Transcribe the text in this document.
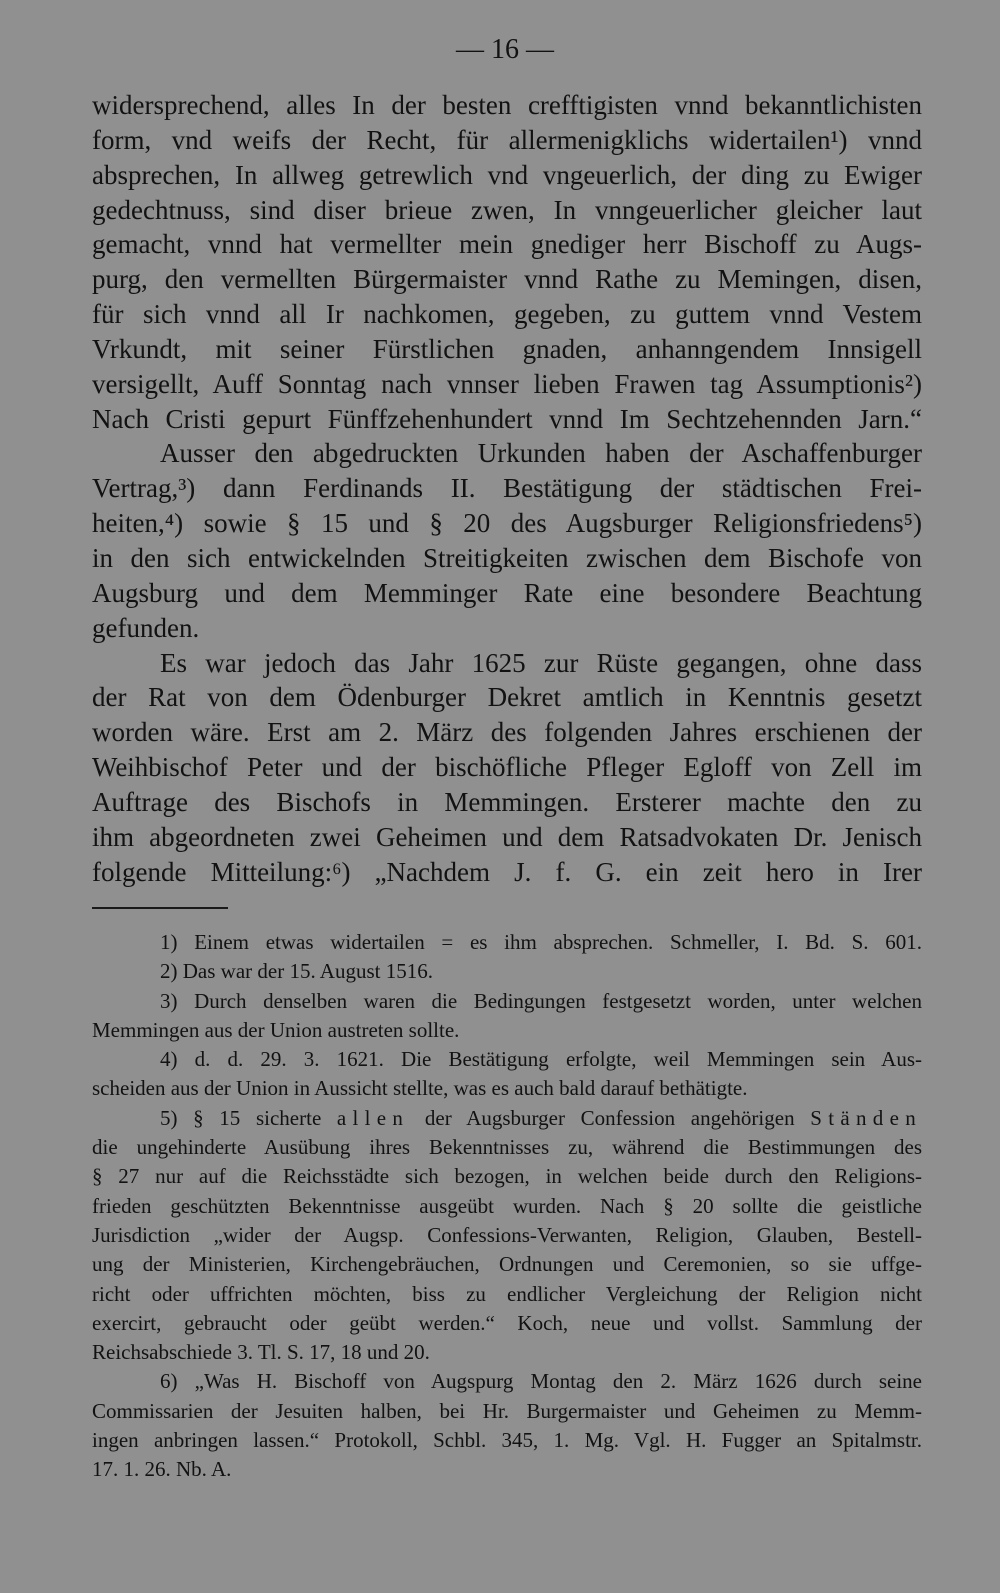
— 16 —
widersprechend, alles In der besten crefftigisten vnnd bekanntlichisten
form, vnd weifs der Recht, für allermenigklichs widertailen¹) vnnd
absprechen, In allweg getrewlich vnd vngeuerlich, der ding zu Ewiger
gedechtnuss, sind diser brieue zwen, In vnngeuerlicher gleicher laut
gemacht, vnnd hat vermellter mein gnediger herr Bischoff zu Augs-
purg, den vermellten Bürgermaister vnnd Rathe zu Memingen, disen,
für sich vnnd all Ir nachkomen, gegeben, zu guttem vnnd Vestem
Vrkundt, mit seiner Fürstlichen gnaden, anhanngendem Innsigell
versigellt, Auff Sonntag nach vnnser lieben Frawen tag Assumptionis²)
Nach Cristi gepurt Fünffzehenhundert vnnd Im Sechtzehennden Jarn.“
Ausser den abgedruckten Urkunden haben der Aschaffenburger
Vertrag,³) dann Ferdinands II. Bestätigung der städtischen Frei-
heiten,⁴) sowie § 15 und § 20 des Augsburger Religionsfriedens⁵)
in den sich entwickelnden Streitigkeiten zwischen dem Bischofe von
Augsburg und dem Memminger Rate eine besondere Beachtung
gefunden.
Es war jedoch das Jahr 1625 zur Rüste gegangen, ohne dass
der Rat von dem Ödenburger Dekret amtlich in Kenntnis gesetzt
worden wäre. Erst am 2. März des folgenden Jahres erschienen der
Weihbischof Peter und der bischöfliche Pfleger Egloff von Zell im
Auftrage des Bischofs in Memmingen. Ersterer machte den zu
ihm abgeordneten zwei Geheimen und dem Ratsadvokaten Dr. Jenisch
folgende Mitteilung:⁶) „Nachdem J. f. G. ein zeit hero in Irer
1) Einem etwas widertailen = es ihm absprechen. Schmeller, I. Bd. S. 601.
2) Das war der 15. August 1516.
3) Durch denselben waren die Bedingungen festgesetzt worden, unter welchen
Memmingen aus der Union austreten sollte.
4) d. d. 29. 3. 1621. Die Bestätigung erfolgte, weil Memmingen sein Aus-
scheiden aus der Union in Aussicht stellte, was es auch bald darauf bethätigte.
5) § 15 sicherte allen der Augsburger Confession angehörigen Ständen
die ungehinderte Ausübung ihres Bekenntnisses zu, während die Bestimmungen des
§ 27 nur auf die Reichsstädte sich bezogen, in welchen beide durch den Religions-
frieden geschützten Bekenntnisse ausgeübt wurden. Nach § 20 sollte die geistliche
Jurisdiction „wider der Augsp. Confessions-Verwanten, Religion, Glauben, Bestell-
ung der Ministerien, Kirchengebräuchen, Ordnungen und Ceremonien, so sie uffge-
richt oder uffrichten möchten, biss zu endlicher Vergleichung der Religion nicht
exercirt, gebraucht oder geübt werden.“ Koch, neue und vollst. Sammlung der
Reichsabschiede 3. Tl. S. 17, 18 und 20.
6) „Was H. Bischoff von Augspurg Montag den 2. März 1626 durch seine
Commissarien der Jesuiten halben, bei Hr. Burgermaister und Geheimen zu Memm-
ingen anbringen lassen.“ Protokoll, Schbl. 345, 1. Mg. Vgl. H. Fugger an Spitalmstr.
17. 1. 26. Nb. A.
